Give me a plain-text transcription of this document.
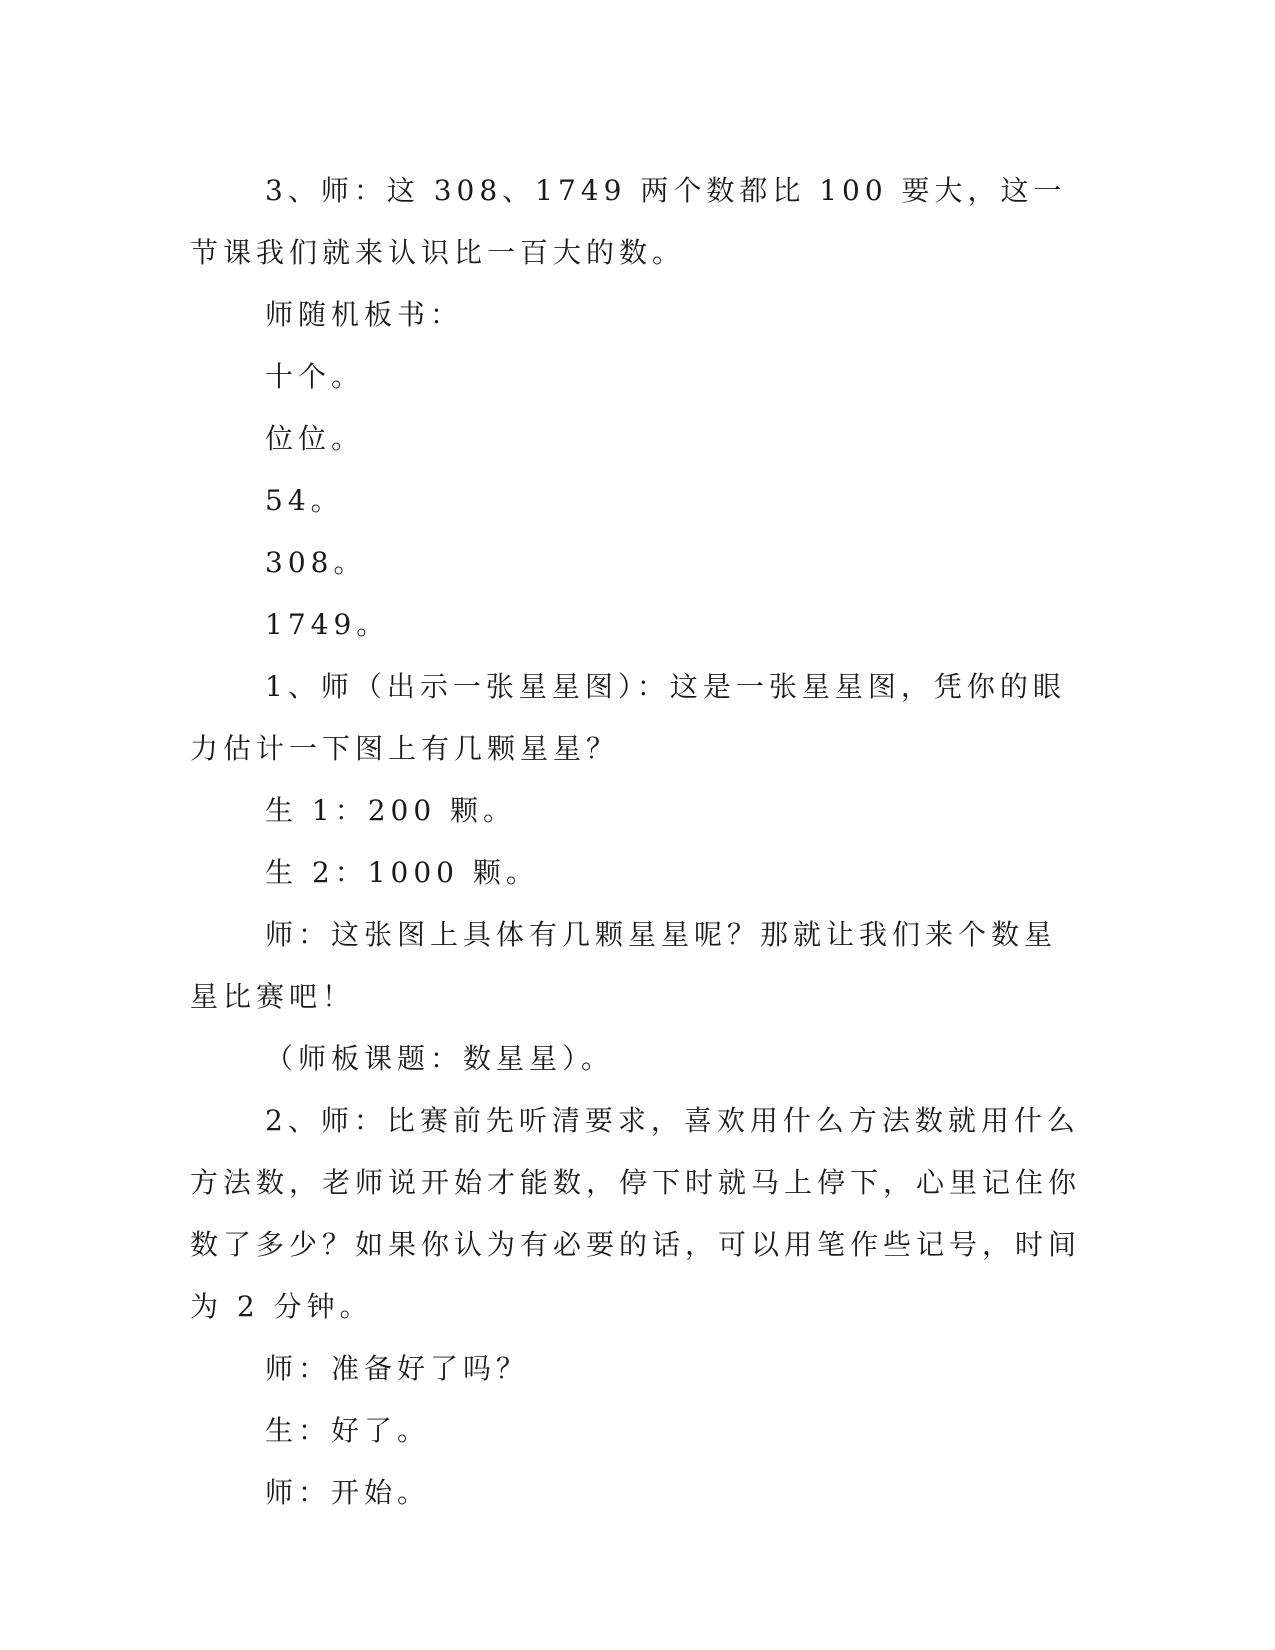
3、师：这 308、1749 两个数都比 100 要大，这一节课我们就来认识比一百大的数。

师随机板书：

十个。

位位。

54。

308。

1749。

1、师（出示一张星星图）：这是一张星星图，凭你的眼力估计一下图上有几颗星星？

生 1：200 颗。

生 2：1000 颗。

师：这张图上具体有几颗星星呢？那就让我们来个数星星比赛吧！

（师板课题：数星星）。

2、师：比赛前先听清要求，喜欢用什么方法数就用什么方法数，老师说开始才能数，停下时就马上停下，心里记住你数了多少？如果你认为有必要的话，可以用笔作些记号，时间为 2 分钟。

师：准备好了吗？

生：好了。

师：开始。
